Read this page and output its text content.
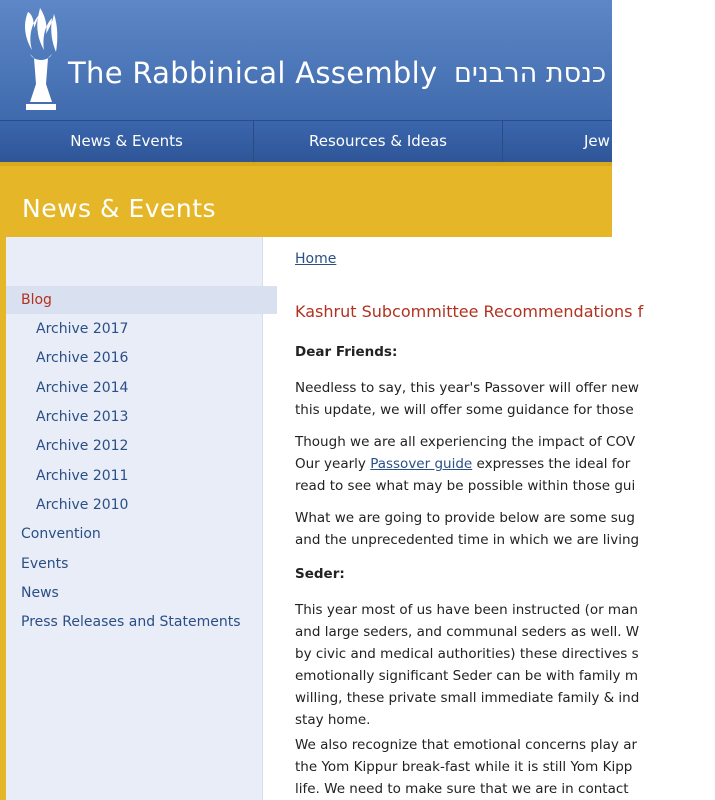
The Rabbinical Assembly כנסת הרבנים
News & Events	Resources & Ideas	Jew
News & Events
Blog
Archive 2017
Archive 2016
Archive 2014
Archive 2013
Archive 2012
Archive 2011
Archive 2010
Convention
Events
News
Press Releases and Statements
Home
Kashrut Subcommittee Recommendations f
Dear Friends:
Needless to say, this year's Passover will offer new
this update, we will offer some guidance for those
Though we are all experiencing the impact of COV
Our yearly Passover guide expresses the ideal for
read to see what may be possible within those gui
What we are going to provide below are some sug
and the unprecedented time in which we are living
Seder:
This year most of us have been instructed (or man
and large seders, and communal seders as well. W
by civic and medical authorities) these directives s
emotionally significant Seder can be with family m
willing, these private small immediate family & ind
stay home.
We also recognize that emotional concerns play ar
the Yom Kippur break-fast while it is still Yom Kipp
life. We need to make sure that we are in contact
